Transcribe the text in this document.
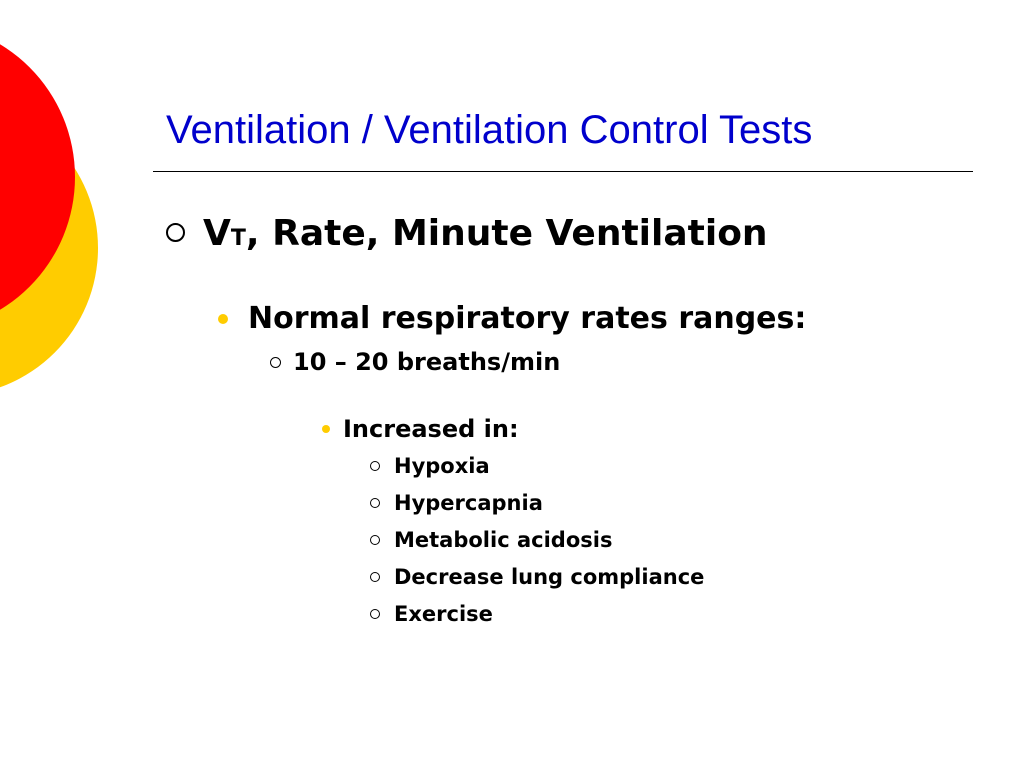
Ventilation / Ventilation Control Tests
VT , Rate, Minute Ventilation
Normal respiratory rates ranges:
10 – 20 breaths/min
Increased in:
Hypoxia
Hypercapnia
Metabolic acidosis
Decrease lung compliance
Exercise
